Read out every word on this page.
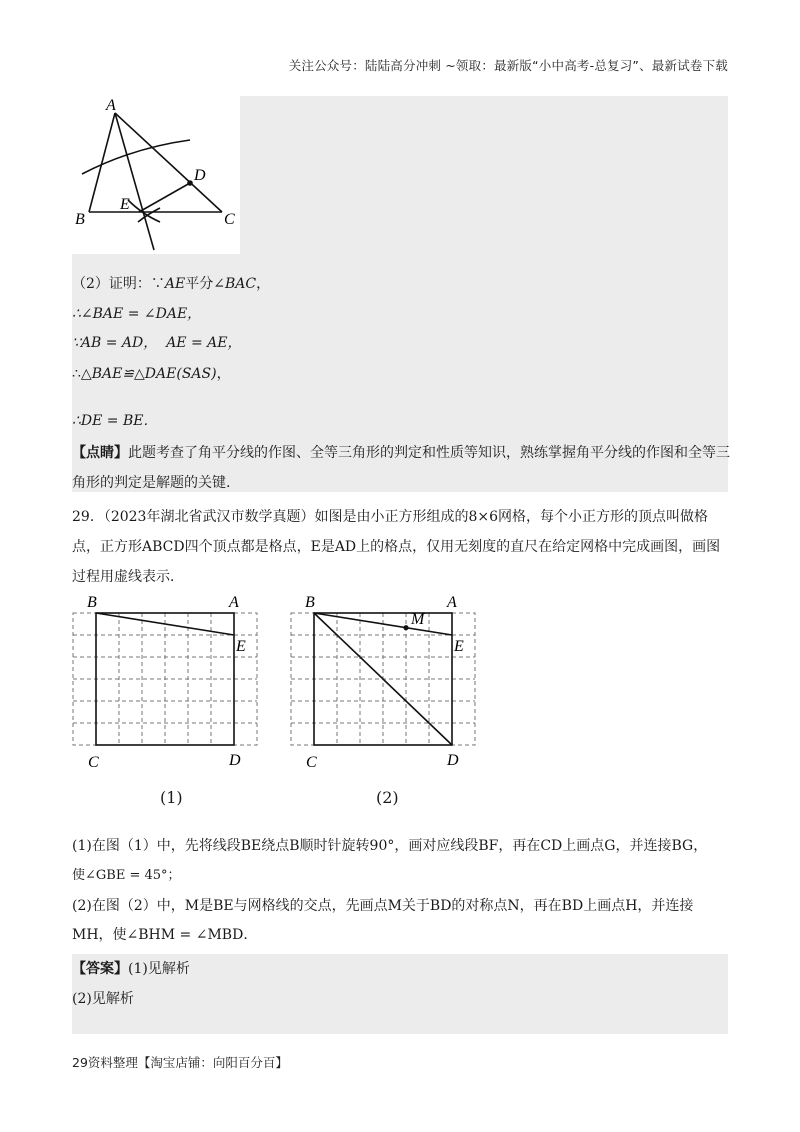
关注公众号：陆陆高分冲刺 ~领取：最新版“小中高考-总复习”、最新试卷下载
A
B	C
D
E
（2）证明：∵AE平分∠BAC，
∴∠BAE = ∠DAE，
∵AB = AD， AE = AE，
∴△BAE≌△DAE(SAS)，
∴DE = BE．
【点睛】此题考查了角平分线的作图、全等三角形的判定和性质等知识，熟练掌握角平分线的作图和全等三角形的判定是解题的关键.
29．（2023年湖北省武汉市数学真题）如图是由小正方形组成的8×6网格，每个小正方形的顶点叫做格点，正方形ABCD四个顶点都是格点，E是AD上的格点，仅用无刻度的直尺在给定网格中完成画图，画图过程用虚线表示．
B	A
E
C	D
B	A
M
E
C	D
(1)	(2)
(1)在图（1）中，先将线段BE绕点B顺时针旋转90°，画对应线段BF，再在CD上画点G，并连接BG，
使∠GBE = 45°；
(2)在图（2）中，M是BE与网格线的交点，先画点M关于BD的对称点N，再在BD上画点H，并连接
MH，使∠BHM = ∠MBD．
【答案】(1)见解析
(2)见解析
29资料整理【淘宝店铺：向阳百分百】
